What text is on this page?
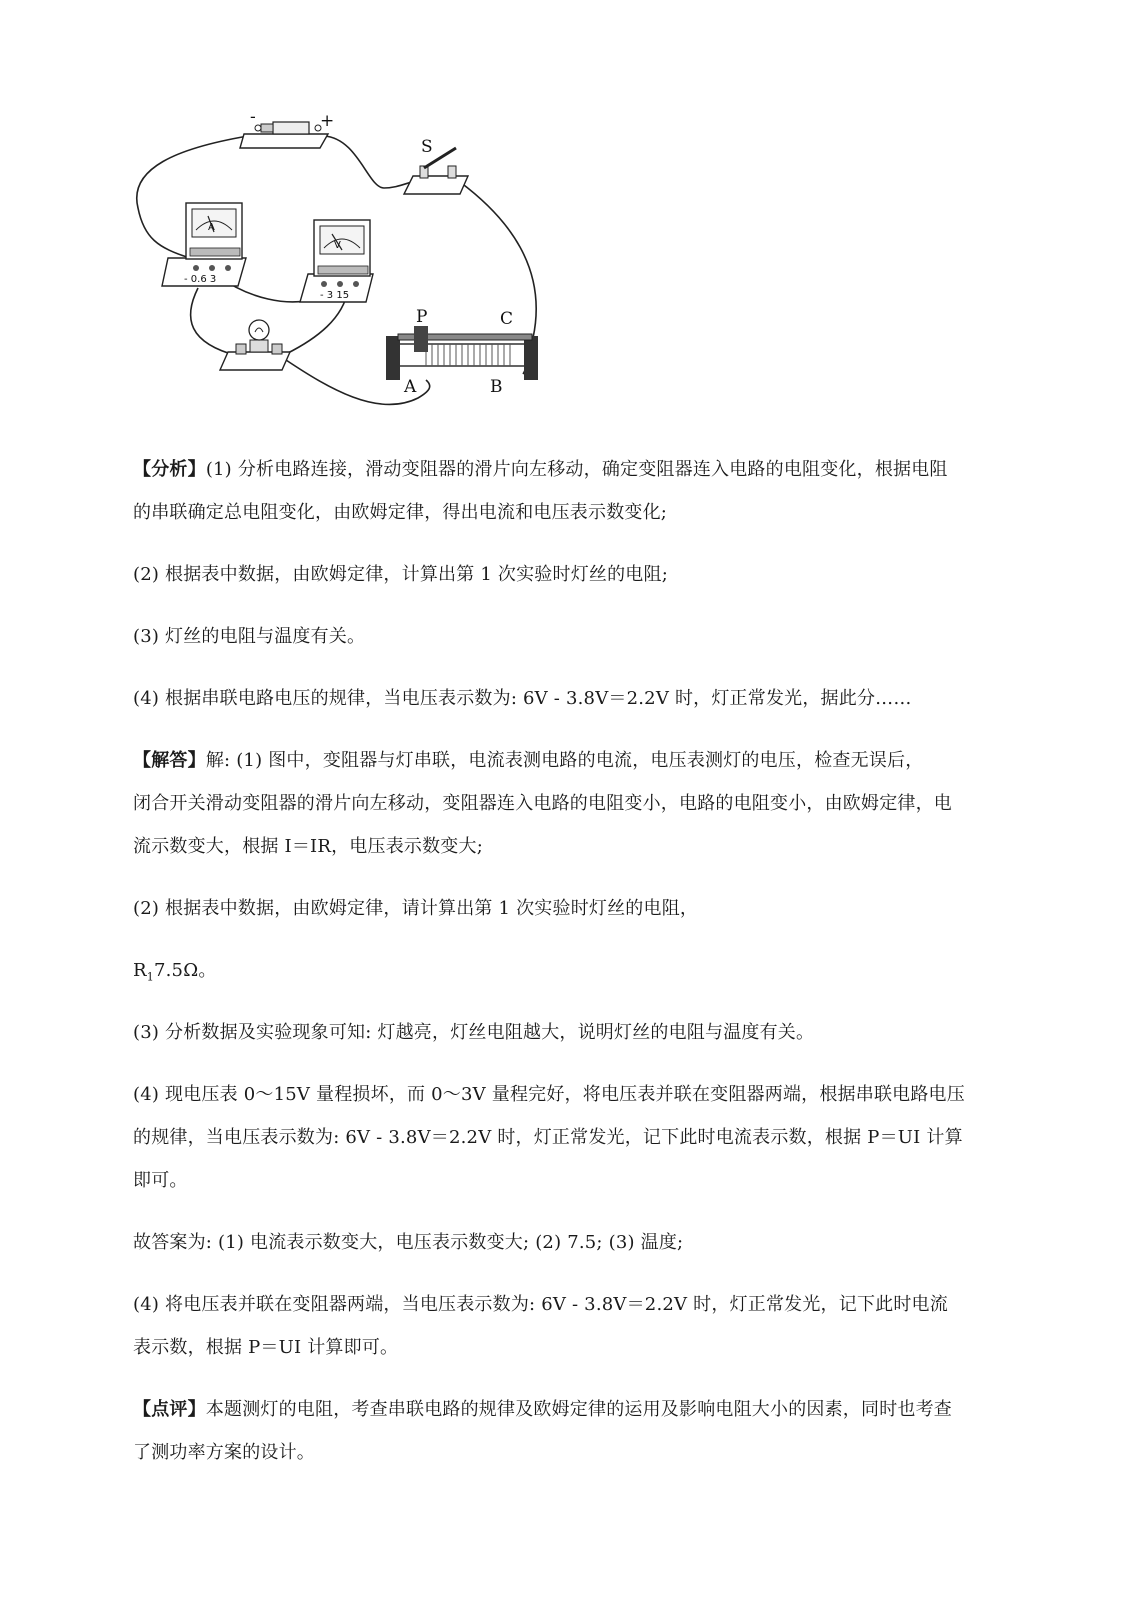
-	+
S
A
- 0.6 3
V
- 3 15
P	C
A	B
【分析】(1) 分析电路连接，滑动变阻器的滑片向左移动，确定变阻器连入电路的电阻变化，根据电阻
的串联确定总电阻变化，由欧姆定律，得出电流和电压表示数变化;
(2) 根据表中数据，由欧姆定律，计算出第 1 次实验时灯丝的电阻;
(3) 灯丝的电阻与温度有关。
(4) 根据串联电路电压的规律，当电压表示数为: 6V - 3.8V＝2.2V 时，灯正常发光，据此分……
【解答】解: (1) 图中，变阻器与灯串联，电流表测电路的电流，电压表测灯的电压，检查无误后，
闭合开关滑动变阻器的滑片向左移动，变阻器连入电路的电阻变小，电路的电阻变小，由欧姆定律，电
流示数变大，根据 I＝IR，电压表示数变大;
(2) 根据表中数据，由欧姆定律，请计算出第 1 次实验时灯丝的电阻，
$R_17.5\Omega$。
(3) 分析数据及实验现象可知: 灯越亮，灯丝电阻越大，说明灯丝的电阻与温度有关。
(4) 现电压表 0～15V 量程损坏，而 0～3V 量程完好，将电压表并联在变阻器两端，根据串联电路电压
的规律，当电压表示数为: 6V - 3.8V＝2.2V 时，灯正常发光，记下此时电流表示数，根据 P＝UI 计算
即可。
故答案为: (1) 电流表示数变大，电压表示数变大; (2) 7.5; (3) 温度;
(4) 将电压表并联在变阻器两端，当电压表示数为: 6V - 3.8V＝2.2V 时，灯正常发光，记下此时电流
表示数，根据 P＝UI 计算即可。
【点评】本题测灯的电阻，考查串联电路的规律及欧姆定律的运用及影响电阻大小的因素，同时也考查
了测功率方案的设计。
